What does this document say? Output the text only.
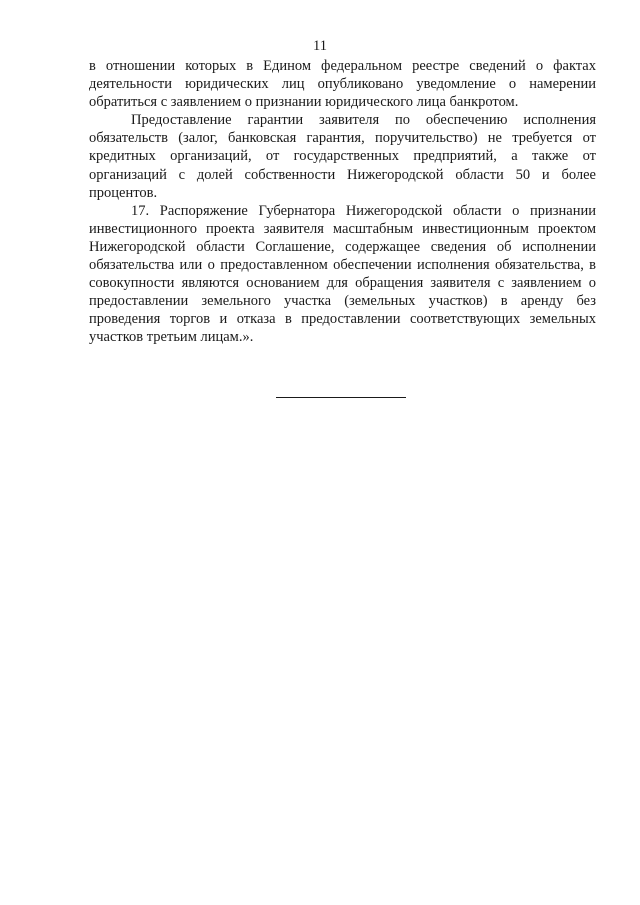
11

в отношении которых в Едином федеральном реестре сведений о фактах деятельности юридических лиц опубликовано уведомление о намерении обратиться с заявлением о признании юридического лица банкротом.

Предоставление гарантии заявителя по обеспечению исполнения обязательств (залог, банковская гарантия, поручительство) не требуется от кредитных организаций, от государственных предприятий, а также от организаций с долей собственности Нижегородской области 50 и более процентов.

17. Распоряжение Губернатора Нижегородской области о признании инвестиционного проекта заявителя масштабным инвестиционным проектом Нижегородской области Соглашение, содержащее сведения об исполнении обязательства или о предоставленном обеспечении исполнения обязательства, в совокупности являются основанием для обращения заявителя с заявлением о предоставлении земельного участка (земельных участков) в аренду без проведения торгов и отказа в предоставлении соответствующих земельных участков третьим лицам.».
